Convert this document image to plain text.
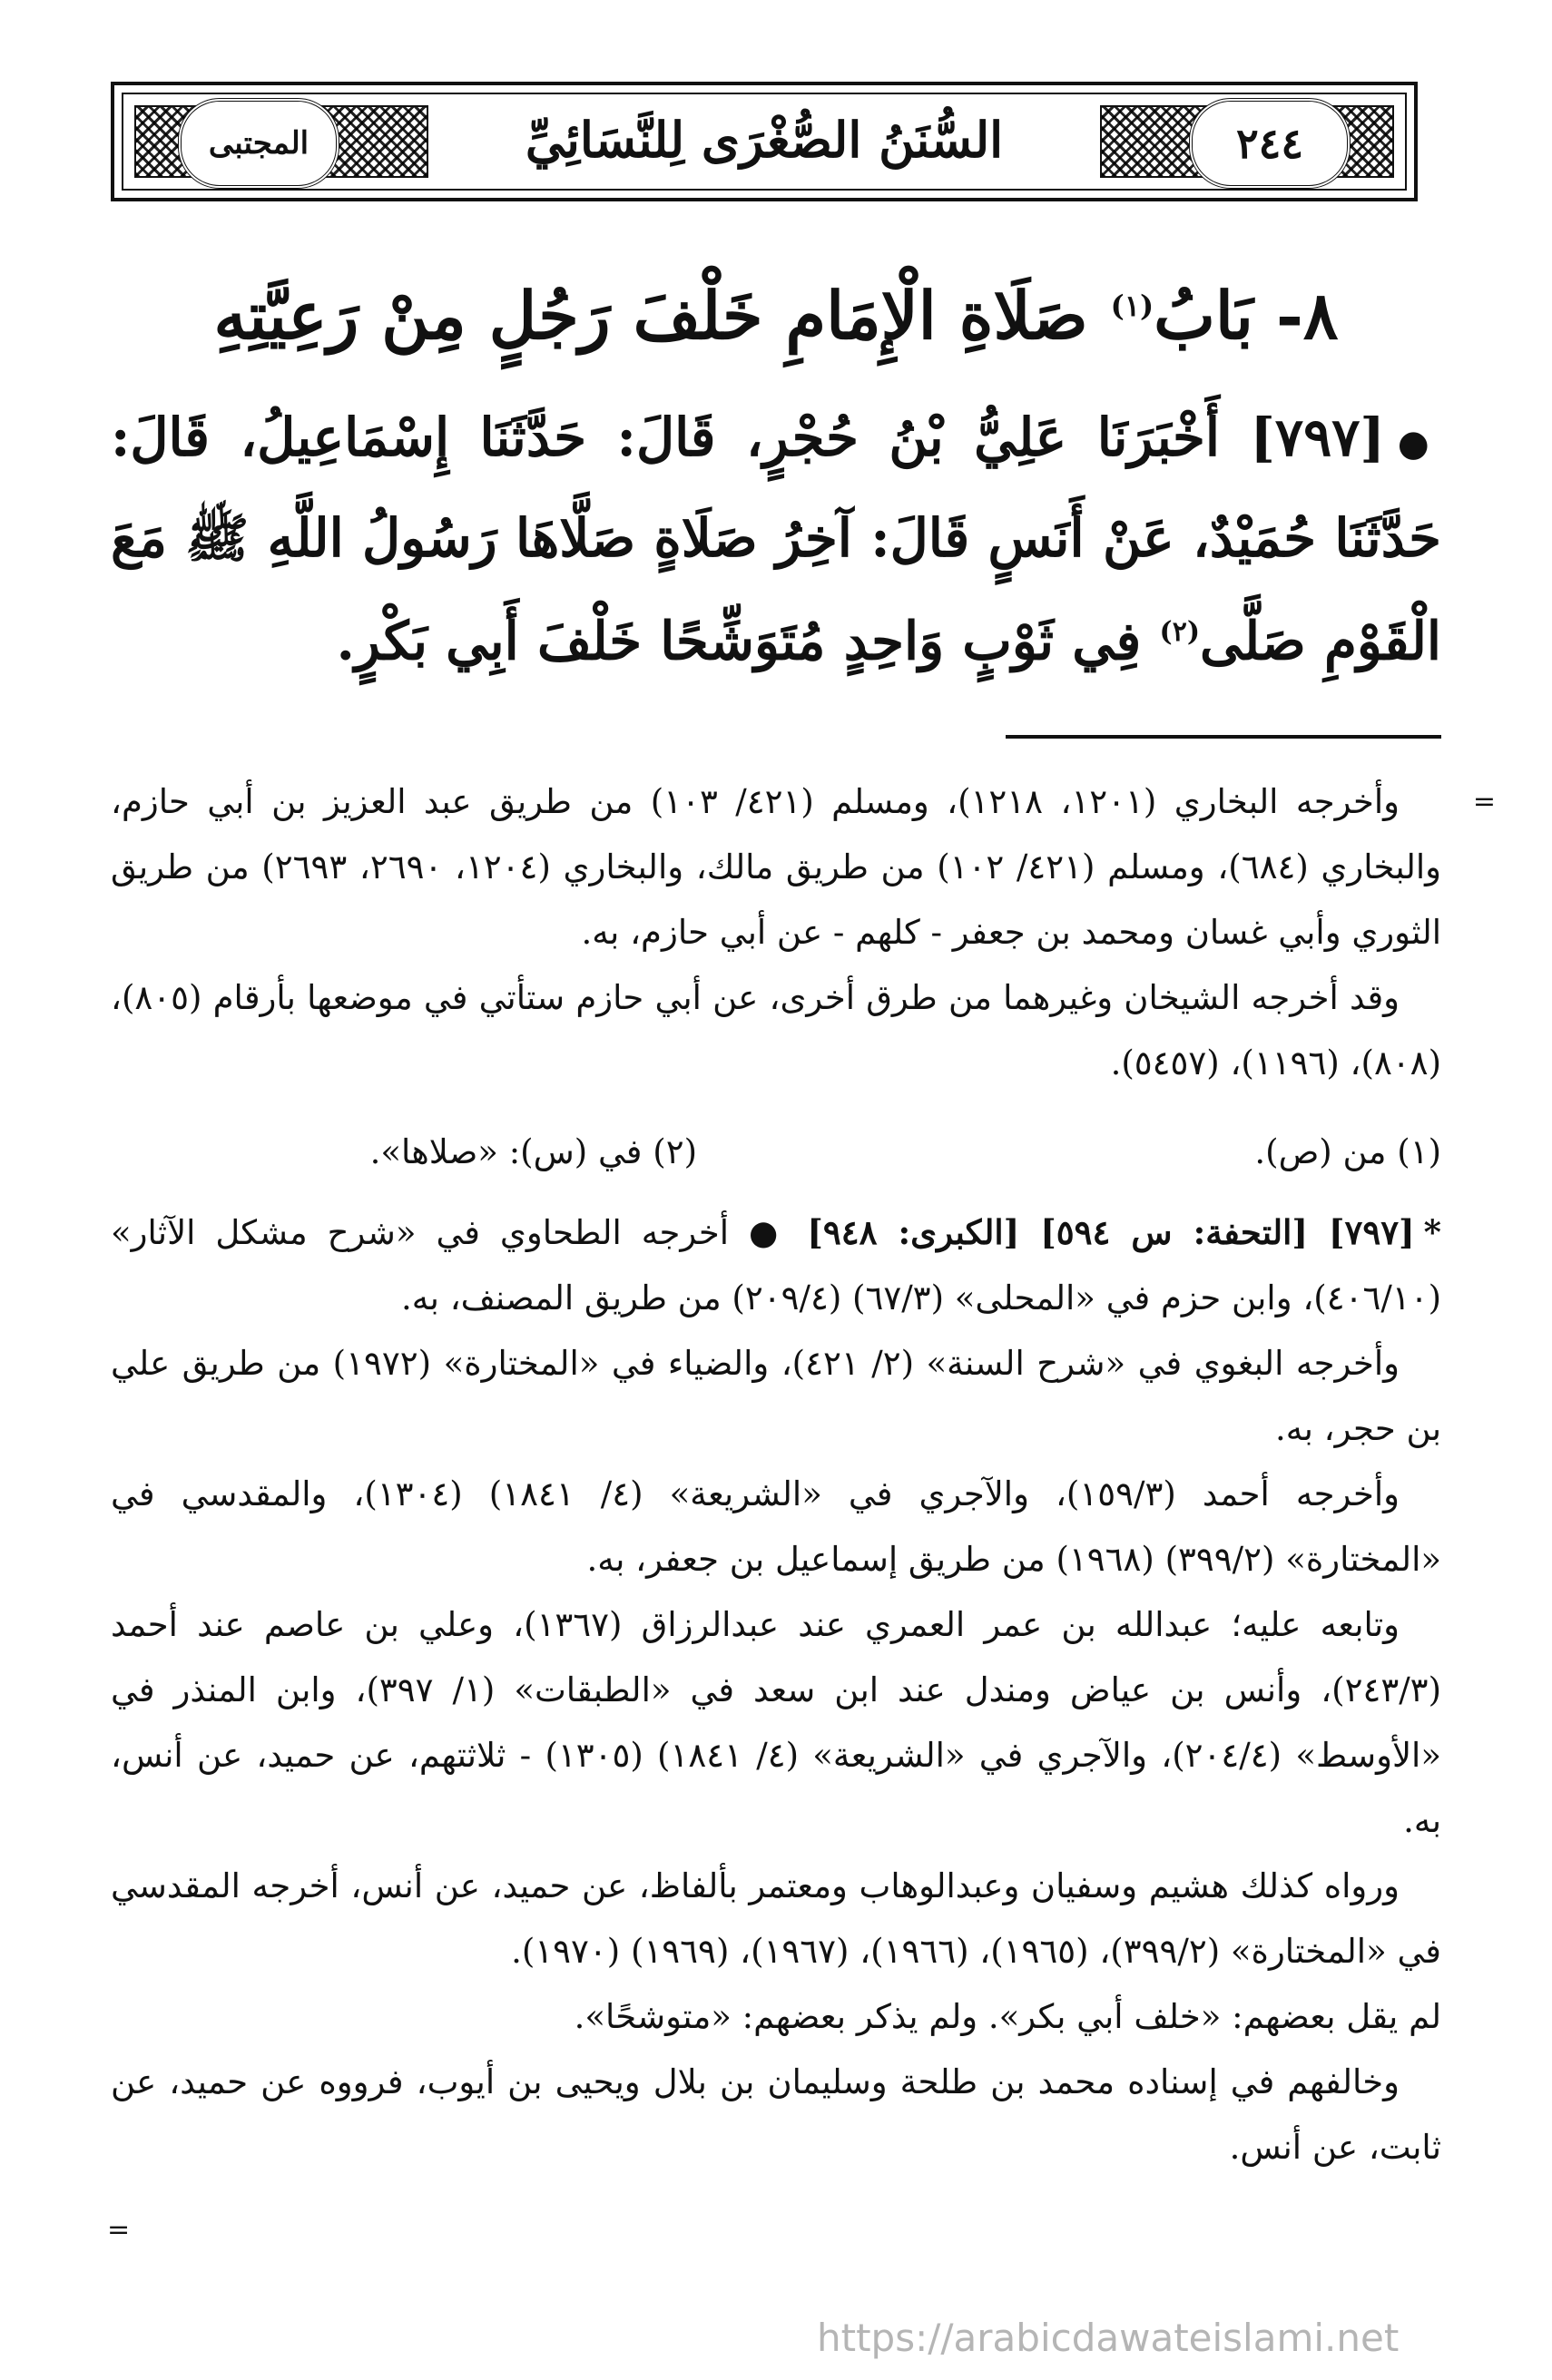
٢٤٤
المجتبى	السُّنَنُ الصُّغْرَى لِلنَّسَائِيِّ
٨- بَابُ$^{(١)}$ صَلَاةِ الْإِمَامِ خَلْفَ رَجُلٍ مِنْ رَعِيَّتِهِ
●[٧٩٧] أَخْبَرَنَا عَلِيُّ بْنُ حُجْرٍ، قَالَ: حَدَّثَنَا إِسْمَاعِيلُ، قَالَ: حَدَّثَنَا حُمَيْدٌ، عَنْ أَنَسٍ قَالَ: آخِرُ صَلَاةٍ صَلَّاهَا رَسُولُ اللَّهِ ﷺ مَعَ الْقَوْمِ صَلَّى$^{(٢)}$ فِي ثَوْبٍ وَاحِدٍ مُتَوَشِّحًا خَلْفَ أَبِي بَكْرٍ.
=

وأخرجه البخاري (١٢٠١، ١٢١٨)، ومسلم (٤٢١/ ١٠٣) من طريق عبد العزيز بن أبي حازم، والبخاري (٦٨٤)، ومسلم (٤٢١/ ١٠٢) من طريق مالك، والبخاري (١٢٠٤، ٢٦٩٠، ٢٦٩٣) من طريق الثوري وأبي غسان ومحمد بن جعفر - كلهم - عن أبي حازم، به.

وقد أخرجه الشيخان وغيرهما من طرق أخرى، عن أبي حازم ستأتي في موضعها بأرقام (٨٠٥)، (٨٠٨)، (١١٩٦)، (٥٤٥٧).

(١) من (ص).
(٢) في (س): «صلاها».

*[٧٩٧] [التحفة: س ٥٩٤] [الكبرى: ٩٤٨] ● أخرجه الطحاوي في «شرح مشكل الآثار» (٤٠٦/١٠)، وابن حزم في «المحلى» (٦٧/٣) (٢٠٩/٤) من طريق المصنف، به.

وأخرجه البغوي في «شرح السنة» (٢/ ٤٢١)، والضياء في «المختارة» (١٩٧٢) من طريق علي بن حجر، به.

وأخرجه أحمد (١٥٩/٣)، والآجري في «الشريعة» (٤/ ١٨٤١) (١٣٠٤)، والمقدسي في «المختارة» (٣٩٩/٢) (١٩٦٨) من طريق إسماعيل بن جعفر، به.

وتابعه عليه؛ عبدالله بن عمر العمري عند عبدالرزاق (١٣٦٧)، وعلي بن عاصم عند أحمد (٢٤٣/٣)، وأنس بن عياض ومندل عند ابن سعد في «الطبقات» (١/ ٣٩٧)، وابن المنذر في «الأوسط» (٢٠٤/٤)، والآجري في «الشريعة» (٤/ ١٨٤١) (١٣٠٥) - ثلاثتهم، عن حميد، عن أنس، به.

ورواه كذلك هشيم وسفيان وعبدالوهاب ومعتمر بألفاظ، عن حميد، عن أنس، أخرجه المقدسي في «المختارة» (٣٩٩/٢)، (١٩٦٥)، (١٩٦٦)، (١٩٦٧)، (١٩٦٩) (١٩٧٠).

لم يقل بعضهم: «خلف أبي بكر». ولم يذكر بعضهم: «متوشحًا».

وخالفهم في إسناده محمد بن طلحة وسليمان بن بلال ويحيى بن أيوب، فرووه عن حميد، عن ثابت، عن أنس.

=
https://arabicdawateislami.net
